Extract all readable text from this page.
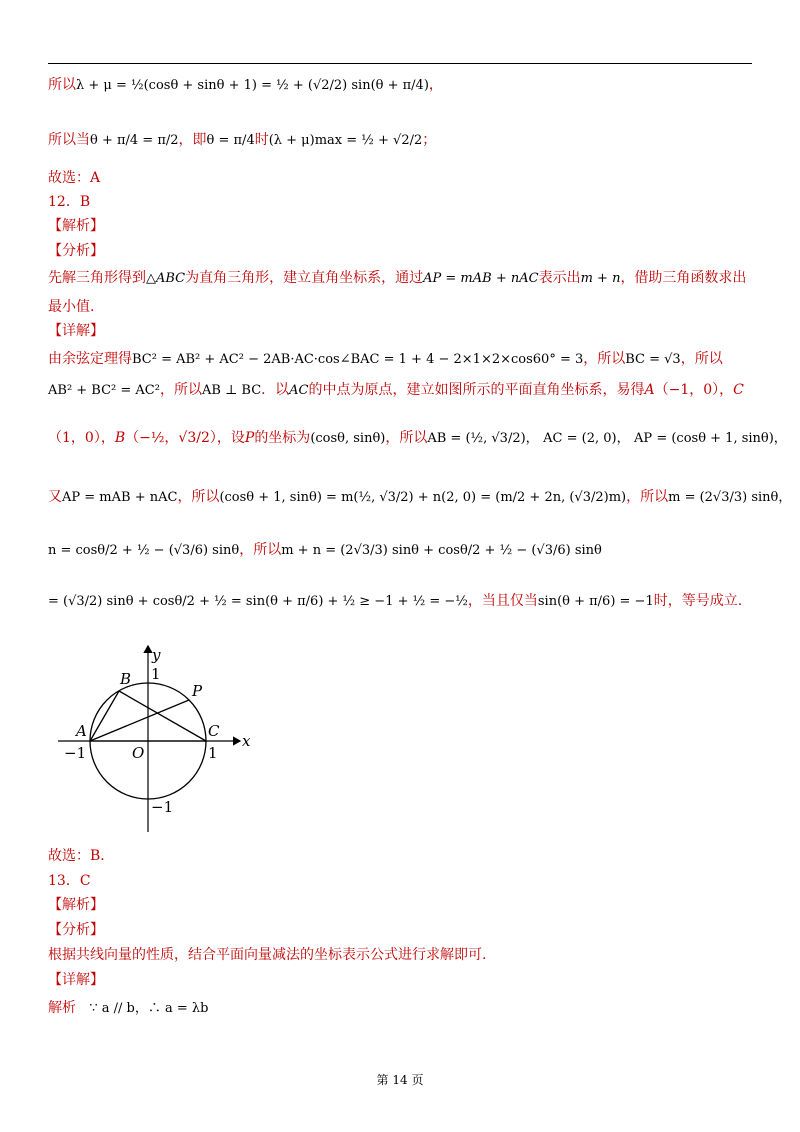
所以λ + μ = ½(cosθ + sinθ + 1) = ½ + (√2/2) sin(θ + π/4)，
所以当θ + π/4 = π/2，即θ = π/4时(λ + μ)max = ½ + √2/2；
故选：A
12．B
【解析】
【分析】
先解三角形得到△ABC为直角三角形，建立直角坐标系，通过AP = mAB + nAC表示出m + n，借助三角函数求出
最小值.
【详解】
由余弦定理得BC² = AB² + AC² − 2AB·AC·cos∠BAC = 1 + 4 − 2×1×2×cos60° = 3，所以BC = √3，所以
AB² + BC² = AC²，所以AB ⊥ BC．以AC的中点为原点，建立如图所示的平面直角坐标系，易得A（−1，0），C
（1，0），B（−½，√3/2），设P的坐标为(cosθ, sinθ)，所以AB = (½, √3/2)， AC = (2, 0)， AP = (cosθ + 1, sinθ)，
又AP = mAB + nAC，所以(cosθ + 1, sinθ) = m(½, √3/2) + n(2, 0) = (m/2 + 2n, (√3/2)m)，所以m = (2√3/3) sinθ，
n = cosθ/2 + ½ − (√3/6) sinθ，所以m + n = (2√3/3) sinθ + cosθ/2 + ½ − (√3/6) sinθ
= (√3/2) sinθ + cosθ/2 + ½ = sin(θ + π/6) + ½ ≥ −1 + ½ = −½，当且仅当sin(θ + π/6) = −1时，等号成立.
y
x
A
B
C
P
O
1
−1
−1	1
故选：B.
13．C
【解析】
【分析】
根据共线向量的性质，结合平面向量减法的坐标表示公式进行求解即可.
【详解】
解析 ∵ a // b，∴ a = λb
第 14 页
